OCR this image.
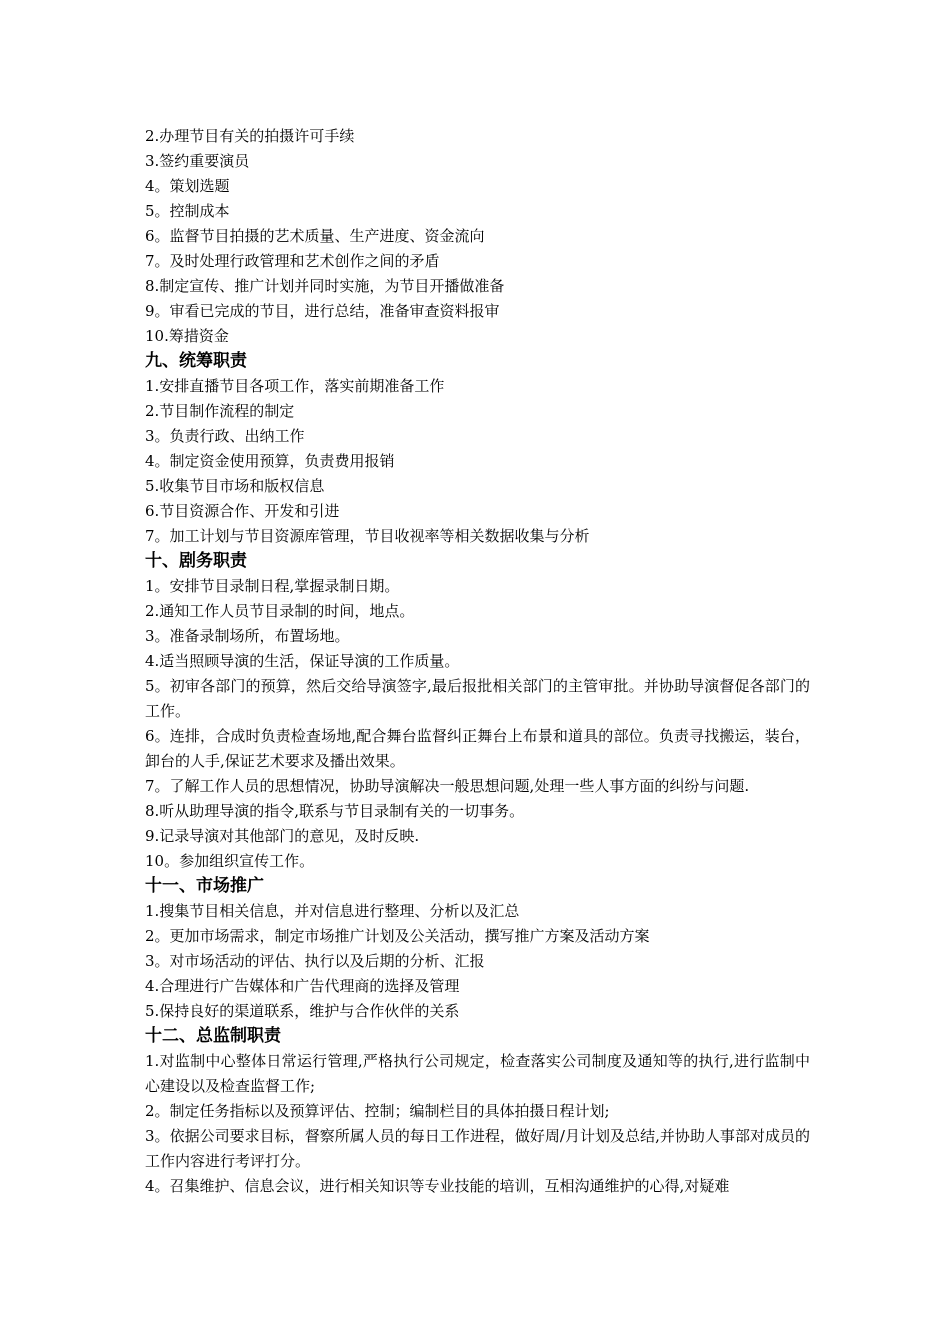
2.办理节目有关的拍摄许可手续
3.签约重要演员
4。策划选题
5。控制成本
6。监督节目拍摄的艺术质量、生产进度、资金流向
7。及时处理行政管理和艺术创作之间的矛盾
8.制定宣传、推广计划并同时实施，为节目开播做准备
9。审看已完成的节目，进行总结，准备审查资料报审
10.筹措资金
九、统筹职责
1.安排直播节目各项工作，落实前期准备工作
2.节目制作流程的制定
3。负责行政、出纳工作
4。制定资金使用预算，负责费用报销
5.收集节目市场和版权信息
6.节目资源合作、开发和引进
7。加工计划与节目资源库管理，节目收视率等相关数据收集与分析
十、剧务职责
1。安排节目录制日程,掌握录制日期。
2.通知工作人员节目录制的时间，地点。
3。准备录制场所，布置场地。
4.适当照顾导演的生活，保证导演的工作质量。
5。初审各部门的预算，然后交给导演签字,最后报批相关部门的主管审批。并协助导演督促各部门的工作。
6。连排，合成时负责检查场地,配合舞台监督纠正舞台上布景和道具的部位。负责寻找搬运，装台，卸台的人手,保证艺术要求及播出效果。
7。了解工作人员的思想情况，协助导演解决一般思想问题,处理一些人事方面的纠纷与问题.
8.听从助理导演的指令,联系与节目录制有关的一切事务。
9.记录导演对其他部门的意见，及时反映.
10。参加组织宣传工作。
十一、市场推广
1.搜集节目相关信息，并对信息进行整理、分析以及汇总
2。更加市场需求，制定市场推广计划及公关活动，撰写推广方案及活动方案
3。对市场活动的评估、执行以及后期的分析、汇报
4.合理进行广告媒体和广告代理商的选择及管理
5.保持良好的渠道联系，维护与合作伙伴的关系
十二、总监制职责
1.对监制中心整体日常运行管理,严格执行公司规定，检查落实公司制度及通知等的执行,进行监制中心建设以及检查监督工作;
2。制定任务指标以及预算评估、控制；编制栏目的具体拍摄日程计划;
3。依据公司要求目标，督察所属人员的每日工作进程，做好周/月计划及总结,并协助人事部对成员的工作内容进行考评打分。
4。召集维护、信息会议，进行相关知识等专业技能的培训，互相沟通维护的心得,对疑难
